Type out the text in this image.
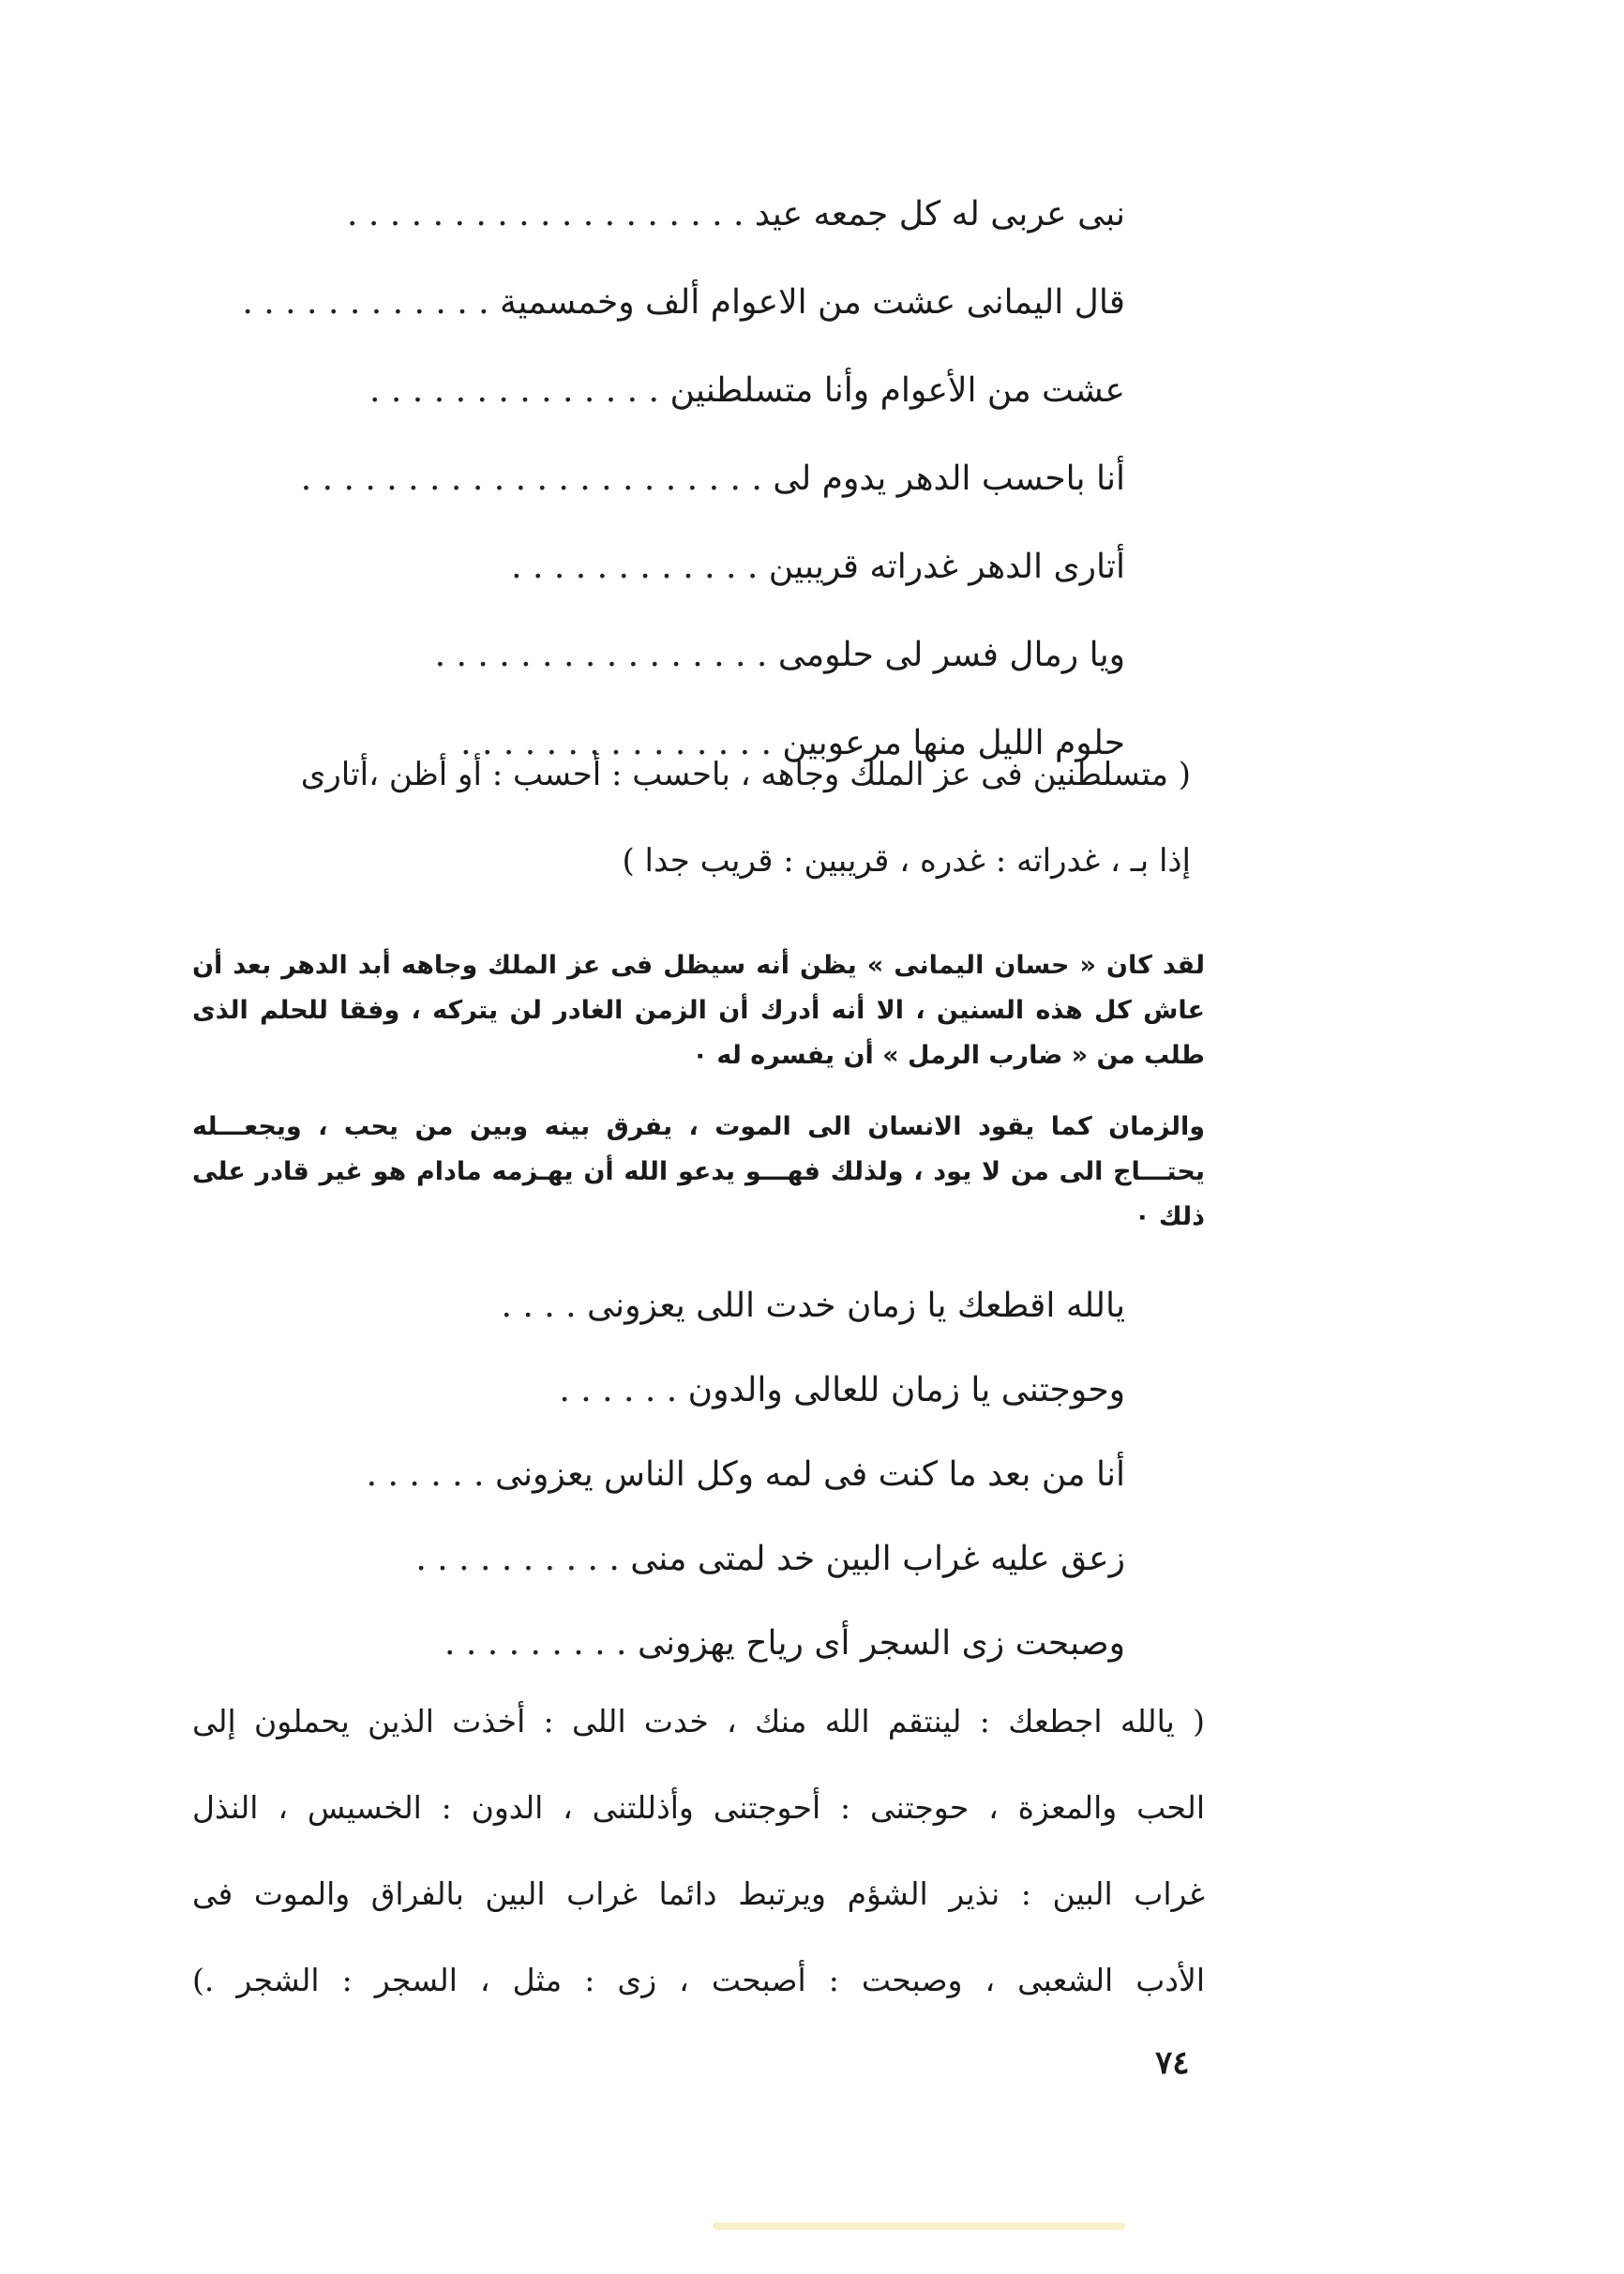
نبى عربى له كل جمعه عيد . . . . . . . . . . . . . . . . . . .
قال اليمانى عشت من الاعوام ألف وخمسمية . . . . . . . . . . . .
عشت من الأعوام وأنا متسلطنين . . . . . . . . . . . . . .
أنا باحسب الدهر يدوم لى . . . . . . . . . . . . . . . . . . . . . .
أتارى الدهر غدراته قريبين . . . . . . . . . . . .
ويا رمال فسر لى حلومى . . . . . . . . . . . . . . . .
حلوم الليل منها مرعوبين . . . . . . . . . . . . . . .
( متسلطنين فى عز الملك وجاهه ، باحسب : أحسب : أو أظن ،أتارى
إذا بـ ، غدراته : غدره ، قريبين : قريب جدا )

لقد كان « حسان اليمانى » يظن أنه سيظل فى عز الملك وجاهه أبد الدهر بعد أن عاش كل هذه السنين ، الا أنه أدرك أن الزمن الغادر لن يتركه ، وفقا للحلم الذى طلب من « ضارب الرمل » أن يفسره له ٠

والزمان كما يقود الانسان الى الموت ، يفرق بينه وبين من يحب ، ويجعـــله يحتـــاج الى من لا يود ، ولذلك فهـــو يدعو الله أن يهـزمه مادام هو غير قادر على ذلك ٠

يالله اقطعك يا زمان خدت اللى يعزونى . . . .
وحوجتنى يا زمان للعالى والدون . . . . . .
أنا من بعد ما كنت فى لمه وكل الناس يعزونى . . . . . .
زعق عليه غراب البين خد لمتى منى . . . . . . . . . .
وصبحت زى السجر أى رياح يهزونى . . . . . . . . .
( يالله اجطعك : لينتقم الله منك ، خدت اللى : أخذت الذين يحملون إلى
الحب والمعزة ، حوجتنى : أحوجتنى وأذللتنى ، الدون : الخسيس ، النذل
غراب البين : نذير الشؤم ويرتبط دائما غراب البين بالفراق والموت فى
الأدب الشعبى ، وصبحت : أصبحت ، زى : مثل ، السجر : الشجر .)
٧٤
